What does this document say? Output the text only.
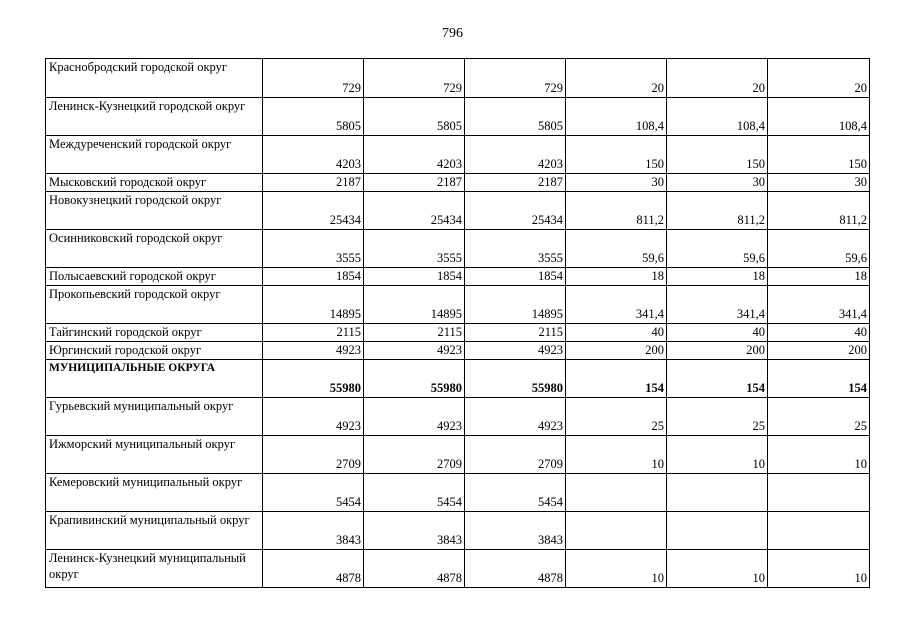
796
Краснобродский городской округ	729	729	729	20	20	20
Ленинск-Кузнецкий городской округ	5805	5805	5805	108,4	108,4	108,4
Междуреченский городской округ	4203	4203	4203	150	150	150
Мысковский городской округ	2187	2187	2187	30	30	30
Новокузнецкий городской округ	25434	25434	25434	811,2	811,2	811,2
Осинниковский городской округ	3555	3555	3555	59,6	59,6	59,6
Полысаевский городской округ	1854	1854	1854	18	18	18
Прокопьевский городской округ	14895	14895	14895	341,4	341,4	341,4
Тайгинский городской округ	2115	2115	2115	40	40	40
Юргинский городской округ	4923	4923	4923	200	200	200
МУНИЦИПАЛЬНЫЕ ОКРУГА	55980	55980	55980	154	154	154
Гурьевский муниципальный округ	4923	4923	4923	25	25	25
Ижморский муниципальный округ	2709	2709	2709	10	10	10
Кемеровский муниципальный округ	5454	5454	5454			
Крапивинский муниципальный округ	3843	3843	3843			
Ленинск-Кузнецкий муниципальный округ	4878	4878	4878	10	10	10
